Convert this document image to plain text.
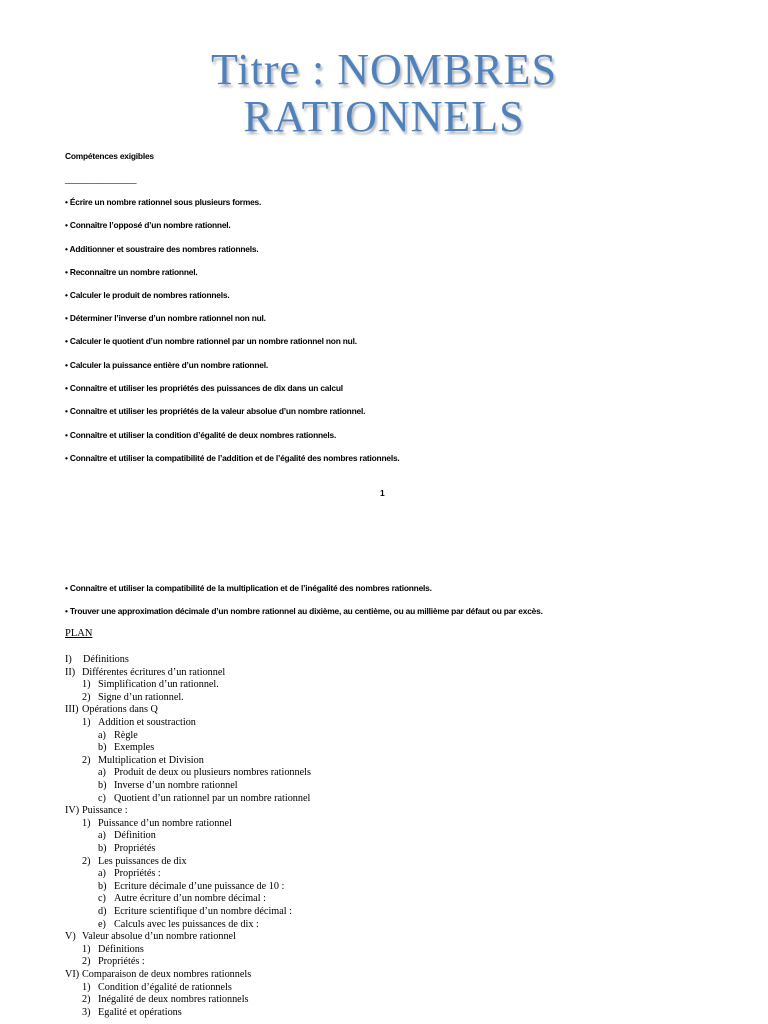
Titre : NOMBRES
RATIONNELS
Compétences exigibles
________________
• Écrire un nombre rationnel sous plusieurs formes.
• Connaître l’opposé d’un nombre rationnel.
• Additionner et soustraire des nombres rationnels.
• Reconnaître un nombre rationnel.
• Calculer le produit de nombres rationnels.
• Déterminer l’inverse d’un nombre rationnel non nul.
• Calculer le quotient d’un nombre rationnel par un nombre rationnel non nul.
• Calculer la puissance entière d’un nombre rationnel.
• Connaître et utiliser les propriétés des puissances de dix dans un calcul
• Connaître et utiliser les propriétés de la valeur absolue d’un nombre rationnel.
• Connaître et utiliser la condition d’égalité de deux nombres rationnels.
• Connaître et utiliser la compatibilité de l’addition et de l’égalité des nombres rationnels.
1
• Connaître et utiliser la compatibilité de la multiplication et de l’inégalité des nombres rationnels.
• Trouver une approximation décimale d’un nombre rationnel au dixième, au centième, ou au millième par défaut ou par excès.
PLAN
I) Définitions
II) Différentes écritures d’un rationnel
1) Simplification d’un rationnel.
2) Signe d’un rationnel.
III) Opérations dans Q
1) Addition et soustraction
a) Règle
b) Exemples
2) Multiplication et Division
a) Produit de deux ou plusieurs nombres rationnels
b) Inverse d’un nombre rationnel
c) Quotient d’un rationnel par un nombre rationnel
IV) Puissance :
1) Puissance d’un nombre rationnel
a) Définition
b) Propriétés
2) Les puissances de dix
a) Propriétés :
b) Ecriture décimale d’une puissance de 10 :
c) Autre écriture d’un nombre décimal :
d) Ecriture scientifique d’un nombre décimal :
e) Calculs avec les puissances de dix :
V) Valeur absolue d’un nombre rationnel
1) Définitions
2) Propriétés :
VI) Comparaison de deux nombres rationnels
1) Condition d’égalité de rationnels
2) Inégalité de deux nombres rationnels
3) Egalité et opérations
